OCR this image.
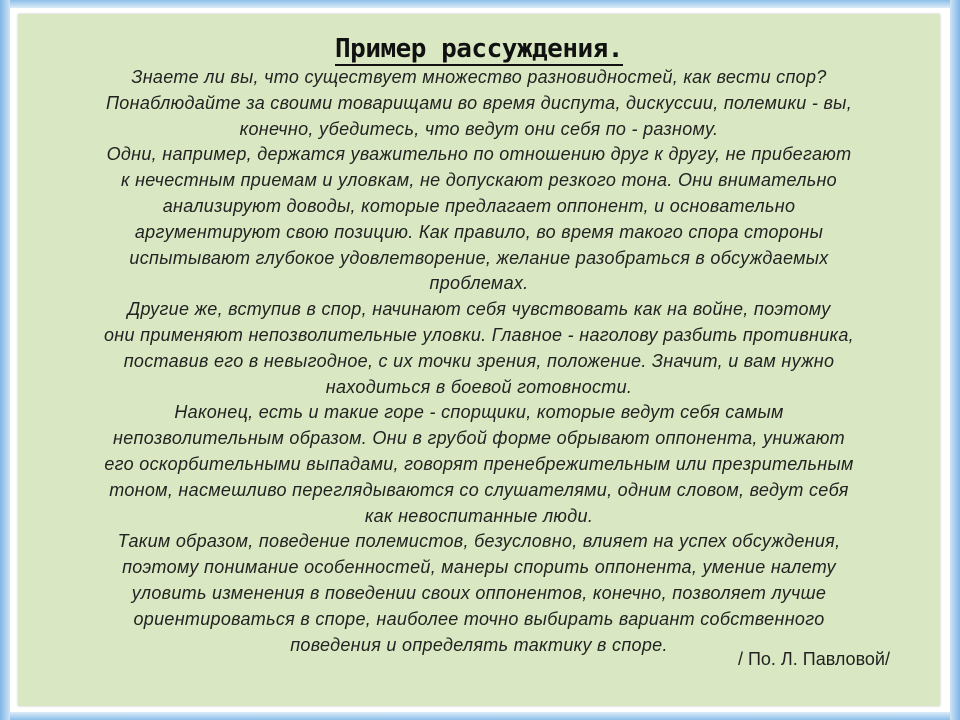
Пример рассуждения.
Знаете ли вы, что существует множество разновидностей, как вести спор?
Понаблюдайте за своими товарищами во время диспута, дискуссии, полемики - вы,
конечно, убедитесь, что ведут они себя по - разному.
Одни, например, держатся уважительно по отношению друг к другу, не прибегают
к нечестным приемам и уловкам, не допускают резкого тона. Они внимательно
анализируют доводы, которые предлагает оппонент, и основательно
аргументируют свою позицию. Как правило, во время такого спора стороны
испытывают глубокое удовлетворение, желание разобраться в обсуждаемых
проблемах.
Другие же, вступив в спор, начинают себя чувствовать как на войне, поэтому
они применяют непозволительные уловки. Главное - наголову разбить противника,
поставив его в невыгодное, с их точки зрения, положение. Значит, и вам нужно
находиться в боевой готовности.
Наконец, есть и такие горе - спорщики, которые ведут себя самым
непозволительным образом. Они в грубой форме обрывают оппонента, унижают
его оскорбительными выпадами, говорят пренебрежительным или презрительным
тоном, насмешливо переглядываются со слушателями, одним словом, ведут себя
как невоспитанные люди.
Таким образом, поведение полемистов, безусловно, влияет на успех обсуждения,
поэтому понимание особенностей, манеры спорить оппонента, умение налету
уловить изменения в поведении своих оппонентов, конечно, позволяет лучше
ориентироваться в споре, наиболее точно выбирать вариант собственного
поведения и определять тактику в споре.
/ По. Л. Павловой/
